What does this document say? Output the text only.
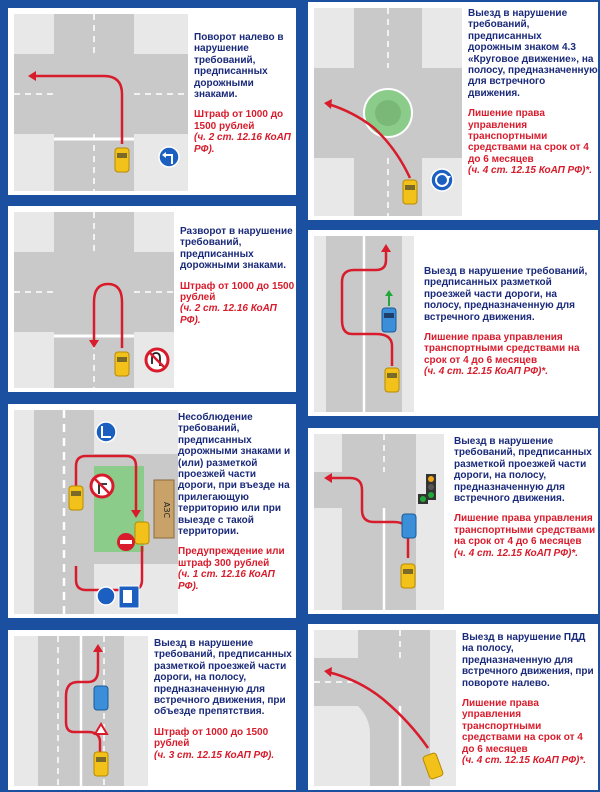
Поворот налево в нарушение требований, предписанных дорожными знаками.
Штраф от 1000 до 1500 рублей
(ч. 2 ст. 12.16 КоАП РФ).
Выезд в нарушение требований, предписанных дорожным знаком 4.3 «Круговое движение», на полосу, предназначенную для встречного движения.
Лишение права управления транспортными средствами на срок от 4 до 6 месяцев
(ч. 4 ст. 12.15 КоАП РФ)*.
Разворот в нарушение требований, предписанных дорожными знаками.
Штраф от 1000 до 1500 рублей
(ч. 2 ст. 12.16 КоАП РФ).
Выезд в нарушение требований, предписанных разметкой проезжей части дороги, на полосу, предназначенную для встречного движения.
Лишение права управления транспортными средствами на срок от 4 до 6 месяцев
(ч. 4 ст. 12.15 КоАП РФ)*.
АЗС
Несоблюдение требований, предписанных дорожными знаками и (или) разметкой проезжей части дороги, при въезде на прилегающую территорию или при выезде с такой территории.
Предупреждение или штраф 300 рублей
(ч. 1 ст. 12.16 КоАП РФ).
Выезд в нарушение требований, предписанных разметкой проезжей части дороги, на полосу, предназначенную для встречного движения.
Лишение права управления транспортными средствами на срок от 4 до 6 месяцев
(ч. 4 ст. 12.15 КоАП РФ)*.
Выезд в нарушение требований, предписанных разметкой проезжей части дороги, на полосу, предназначенную для встречного движения, при объезде препятствия.
Штраф от 1000 до 1500 рублей
(ч. 3 ст. 12.15 КоАП РФ).
Выезд в нарушение ПДД на полосу, предназначенную для встречного движения, при повороте налево.
Лишение права управления транспортными средствами на срок от 4 до 6 месяцев
(ч. 4 ст. 12.15 КоАП РФ)*.
